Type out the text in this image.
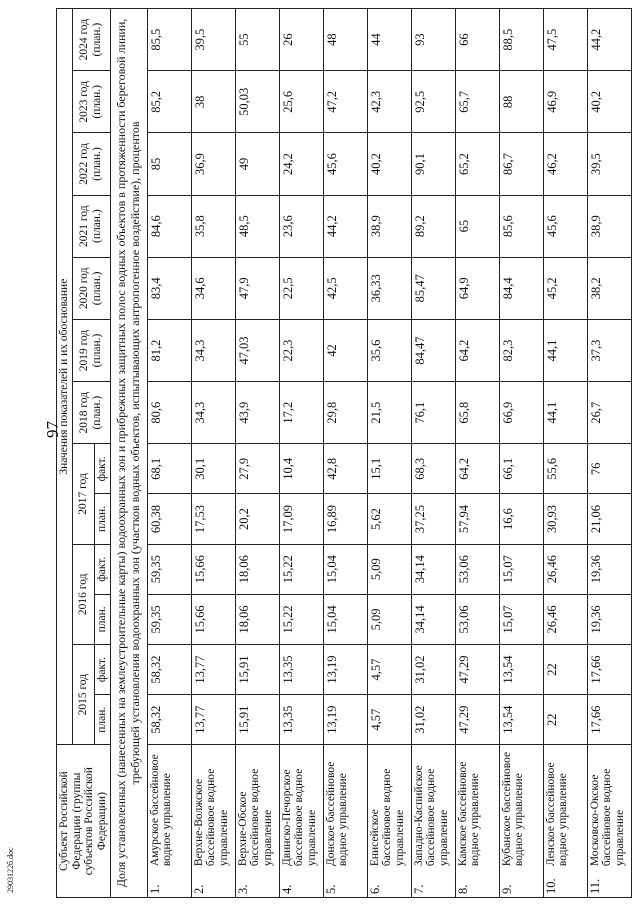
97
2903122б.doc	Субъект Российской Федерации (группы субъектов Российской Федерации)		Значения показателей и их обоснование												
		2015 год		2016 год		2017 год		2018 год (план.)	2019 год (план.)	2020 год (план.)	2021 год (план.)	2022 год (план.)	2023 год (план.)	2024 год (план.)
		план.	факт.	план.	факт.	план.	факт.							
Доля установленных (нанесенных на землеустроительные карты) водоохранных зон и прибрежных защитных полос водных объектов в протяженности береговой линии, требующей установления водоохранных зон (участков водных объектов, испытывающих антропогенное воздействие), процентов														
1.	Амурское бассейновое водное управление	58,32	58,32	59,35	59,35	60,38	68,1	80,6	81,2	83,4	84,6	85	85,2	85,5
2.	Верхне-Волжское бассейновое водное управление	13,77	13,77	15,66	15,66	17,53	30,1	34,3	34,3	34,6	35,8	36,9	38	39,5
3.	Верхне-Обское бассейновое водное управление	15,91	15,91	18,06	18,06	20,2	27,9	43,9	47,03	47,9	48,5	49	50,03	55
4.	Двинско-Печорское бассейновое водное управление	13,35	13,35	15,22	15,22	17,09	10,4	17,2	22,3	22,5	23,6	24,2	25,6	26
5.	Донское бассейновое водное управление	13,19	13,19	15,04	15,04	16,89	42,8	29,8	42	42,5	44,2	45,6	47,2	48
6.	Енисейское бассейновое водное управление	4,57	4,57	5,09	5,09	5,62	15,1	21,5	35,6	36,33	38,9	40,2	42,3	44
7.	Западно-Каспийское бассейновое водное управление	31,02	31,02	34,14	34,14	37,25	68,3	76,1	84,47	85,47	89,2	90,1	92,5	93
8.	Камское бассейновое водное управление	47,29	47,29	53,06	53,06	57,94	64,2	65,8	64,2	64,9	65	65,2	65,7	66
9.	Кубанское бассейновое водное управление	13,54	13,54	15,07	15,07	16,6	66,1	66,9	82,3	84,4	85,6	86,7	88	88,5
10.	Ленское бассейновое водное управление	22	22	26,46	26,46	30,93	55,6	44,1	44,1	45,2	45,6	46,2	46,9	47,5
11.	Московско-Окское бассейновое водное управление	17,66	17,66	19,36	19,36	21,06	76	26,7	37,3	38,2	38,9	39,5	40,2	44,2
